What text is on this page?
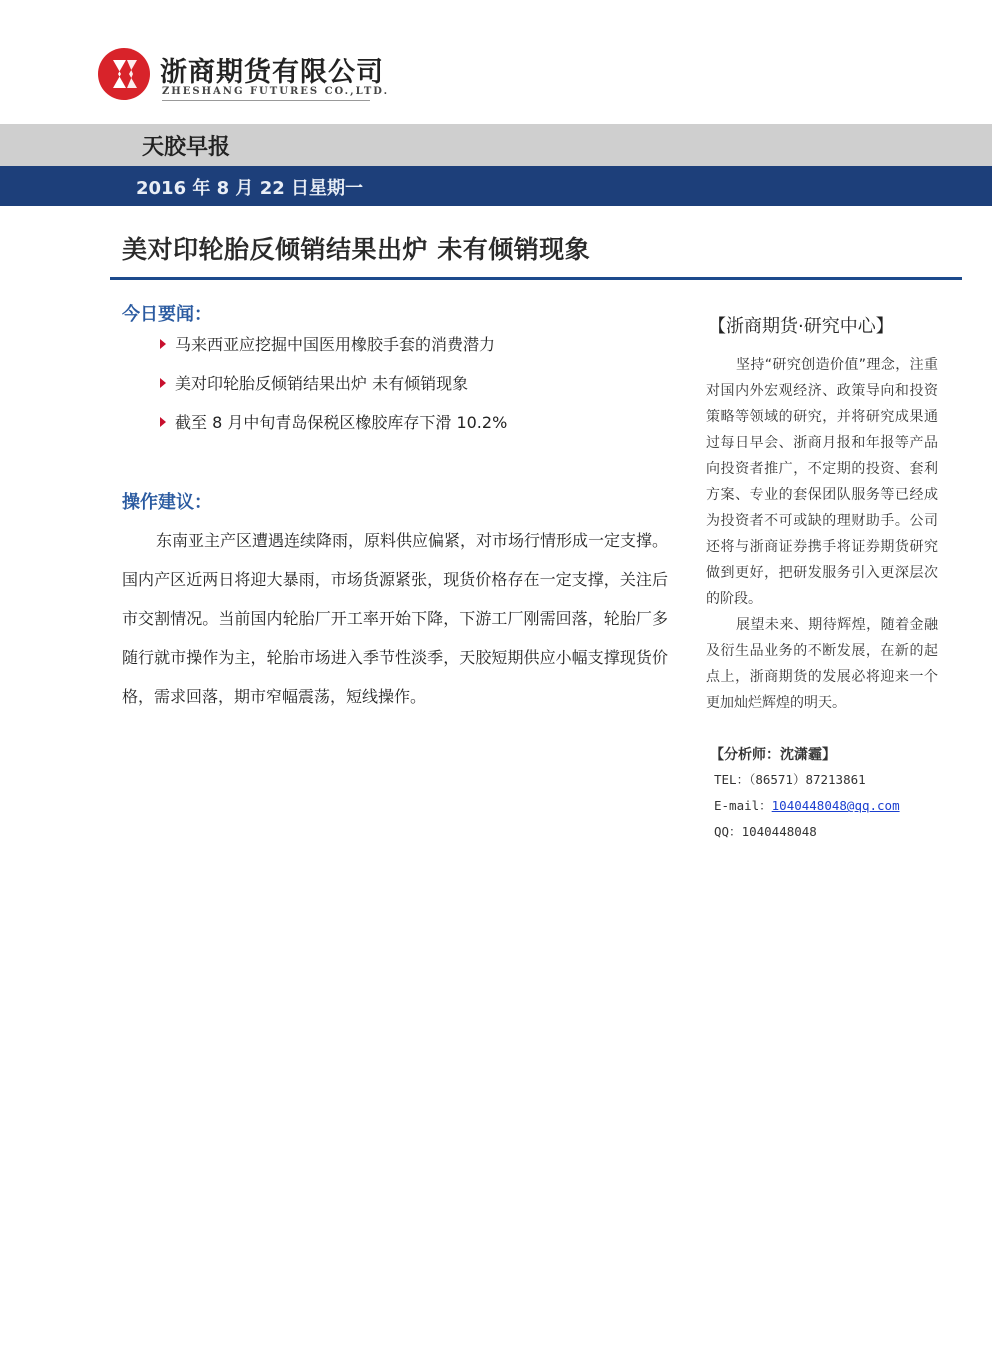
浙商期货有限公司
ZHESHANG FUTURES CO.,LTD.
天胶早报
2016 年 8 月 22 日星期一
美对印轮胎反倾销结果出炉 未有倾销现象
今日要闻：
马来西亚应挖掘中国医用橡胶手套的消费潜力
美对印轮胎反倾销结果出炉 未有倾销现象
截至 8 月中旬青岛保税区橡胶库存下滑 10.2%
操作建议：

东南亚主产区遭遇连续降雨，原料供应偏紧，对市场行情形成一定支撑。国内产区近两日将迎大暴雨，市场货源紧张，现货价格存在一定支撑，关注后市交割情况。当前国内轮胎厂开工率开始下降，下游工厂刚需回落，轮胎厂多随行就市操作为主，轮胎市场进入季节性淡季，天胶短期供应小幅支撑现货价格，需求回落，期市窄幅震荡，短线操作。

【浙商期货·研究中心】

坚持“研究创造价值”理念，注重对国内外宏观经济、政策导向和投资策略等领域的研究，并将研究成果通过每日早会、浙商月报和年报等产品向投资者推广，不定期的投资、套利方案、专业的套保团队服务等已经成为投资者不可或缺的理财助手。公司还将与浙商证券携手将证券期货研究做到更好，把研发服务引入更深层次的阶段。

展望未来、期待辉煌，随着金融及衍生品业务的不断发展，在新的起点上，浙商期货的发展必将迎来一个更加灿烂辉煌的明天。

【分析师：沈潇霾】
TEL：（86571）87213861
E-mail：1040448048@qq.com
QQ：1040448048
